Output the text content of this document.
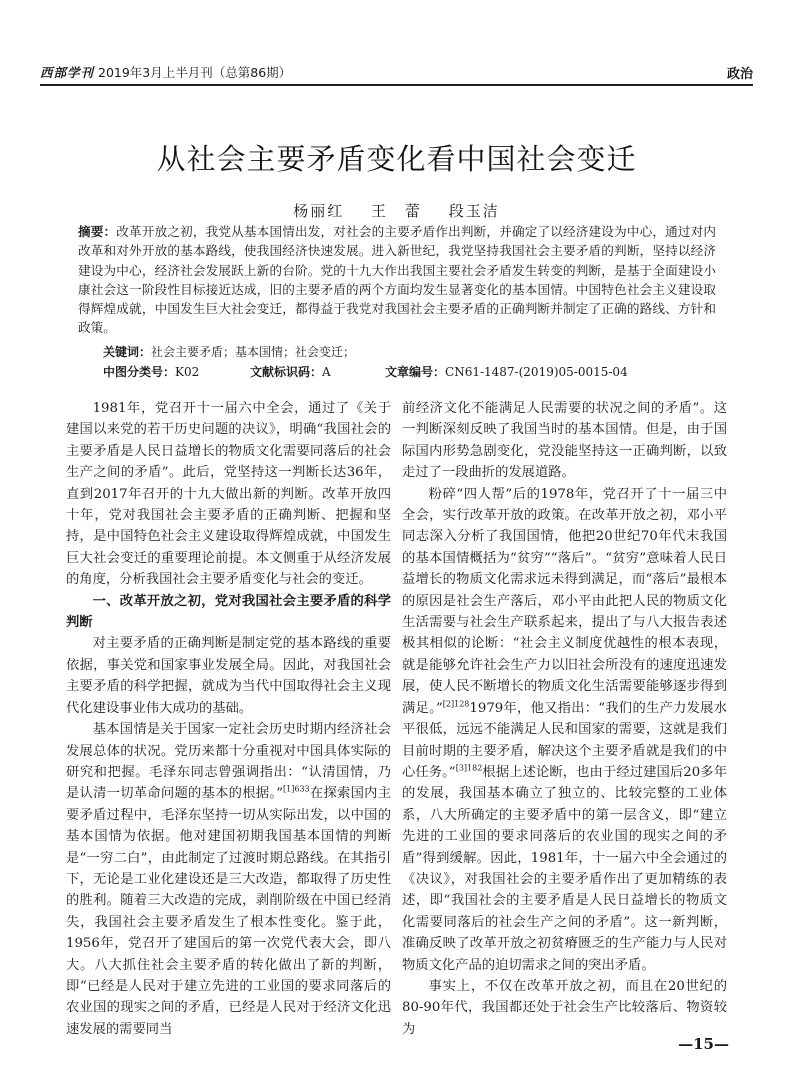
西部学刊 2019年3月上半月刊（总第86期）	政治
从社会主要矛盾变化看中国社会变迁
杨丽红 王　蕾 段玉洁
摘要：改革开放之初，我党从基本国情出发，对社会的主要矛盾作出判断，并确定了以经济建设为中心，通过对内改革和对外开放的基本路线，使我国经济快速发展。进入新世纪，我党坚持我国社会主要矛盾的判断，坚持以经济建设为中心，经济社会发展跃上新的台阶。党的十九大作出我国主要社会矛盾发生转变的判断，是基于全面建设小康社会这一阶段性目标接近达成，旧的主要矛盾的两个方面均发生显著变化的基本国情。中国特色社会主义建设取得辉煌成就，中国发生巨大社会变迁，都得益于我党对我国社会主要矛盾的正确判断并制定了正确的路线、方针和政策。
关键词：社会主要矛盾；基本国情；社会变迁；
中图分类号：K02	文献标识码：A	文章编号：CN61-1487-(2019)05-0015-04

1981年，党召开十一届六中全会，通过了《关于建国以来党的若干历史问题的决议》，明确“我国社会的主要矛盾是人民日益增长的物质文化需要同落后的社会生产之间的矛盾”。此后，党坚持这一判断长达36年，直到2017年召开的十九大做出新的判断。改革开放四十年，党对我国社会主要矛盾的正确判断、把握和坚持，是中国特色社会主义建设取得辉煌成就，中国发生巨大社会变迁的重要理论前提。本文侧重于从经济发展的角度，分析我国社会主要矛盾变化与社会的变迁。

一、改革开放之初，党对我国社会主要矛盾的科学判断

对主要矛盾的正确判断是制定党的基本路线的重要依据，事关党和国家事业发展全局。因此，对我国社会主要矛盾的科学把握，就成为当代中国取得社会主义现代化建设事业伟大成功的基础。

基本国情是关于国家一定社会历史时期内经济社会发展总体的状况。党历来都十分重视对中国具体实际的研究和把握。毛泽东同志曾强调指出：“认清国情，乃是认清一切革命问题的基本的根据。”$^{[1]633}$在探索国内主要矛盾过程中，毛泽东坚持一切从实际出发，以中国的基本国情为依据。他对建国初期我国基本国情的判断是“一穷二白”，由此制定了过渡时期总路线。在其指引下，无论是工业化建设还是三大改造，都取得了历史性的胜利。随着三大改造的完成，剥削阶级在中国已经消失，我国社会主要矛盾发生了根本性变化。鉴于此，1956年，党召开了建国后的第一次党代表大会，即八大。八大抓住社会主要矛盾的转化做出了新的判断，即“已经是人民对于建立先进的工业国的要求同落后的农业国的现实之间的矛盾，已经是人民对于经济文化迅速发展的需要同当

前经济文化不能满足人民需要的状况之间的矛盾”。这一判断深刻反映了我国当时的基本国情。但是，由于国际国内形势急剧变化，党没能坚持这一正确判断，以致走过了一段曲折的发展道路。

粉碎“四人帮”后的1978年，党召开了十一届三中全会，实行改革开放的政策。在改革开放之初，邓小平同志深入分析了我国国情，他把20世纪70年代末我国的基本国情概括为“贫穷”“落后”。“贫穷”意味着人民日益增长的物质文化需求远未得到满足，而“落后”最根本的原因是社会生产落后，邓小平由此把人民的物质文化生活需要与社会生产联系起来，提出了与八大报告表述极其相似的论断：“社会主义制度优越性的根本表现，就是能够允许社会生产力以旧社会所没有的速度迅速发展，使人民不断增长的物质文化生活需要能够逐步得到满足。”$^{[2]128}$1979年，他又指出：“我们的生产力发展水平很低，远远不能满足人民和国家的需要，这就是我们目前时期的主要矛盾，解决这个主要矛盾就是我们的中心任务。”$^{[3]182}$根据上述论断，也由于经过建国后20多年的发展，我国基本确立了独立的、比较完整的工业体系，八大所确定的主要矛盾中的第一层含义，即“建立先进的工业国的要求同落后的农业国的现实之间的矛盾”得到缓解。因此，1981年，十一届六中全会通过的《决议》，对我国社会的主要矛盾作出了更加精练的表述，即“我国社会的主要矛盾是人民日益增长的物质文化需要同落后的社会生产之间的矛盾”。这一新判断，准确反映了改革开放之初贫瘠匮乏的生产能力与人民对物质文化产品的迫切需求之间的突出矛盾。

事实上，不仅在改革开放之初，而且在20世纪的80-90年代，我国都还处于社会生产比较落后、物资较为

—15—
